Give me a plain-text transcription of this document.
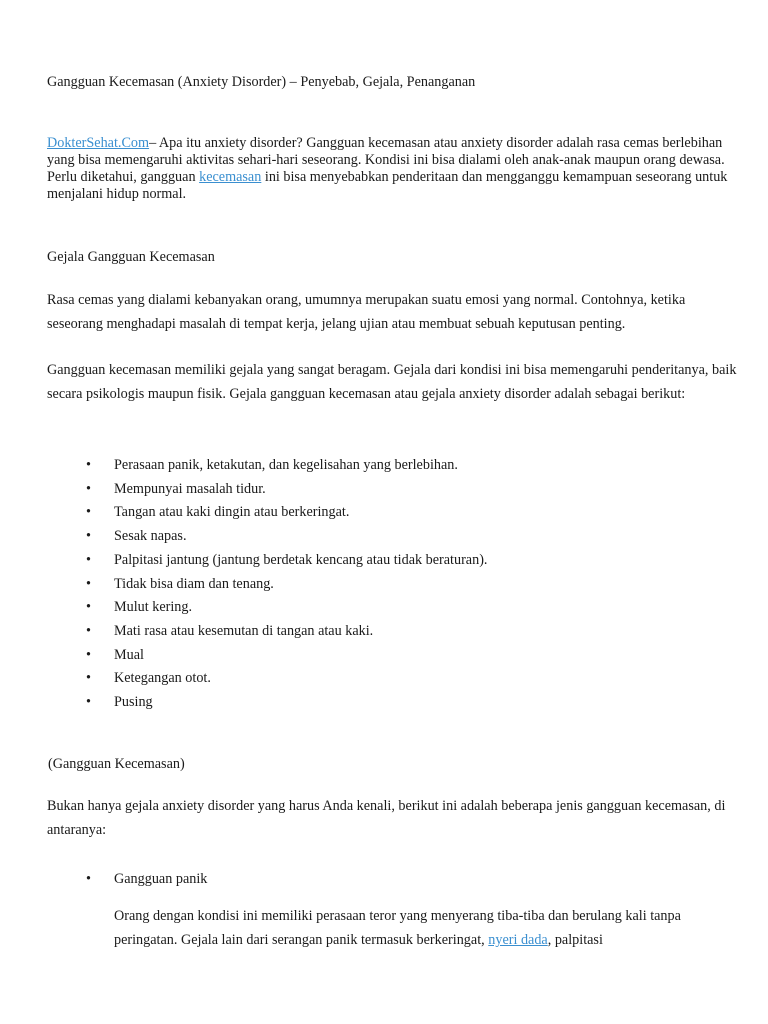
Gangguan Kecemasan (Anxiety Disorder) – Penyebab, Gejala, Penanganan

DokterSehat.Com– Apa itu anxiety disorder? Gangguan kecemasan atau anxiety disorder adalah rasa cemas berlebihan yang bisa memengaruhi aktivitas sehari-hari seseorang. Kondisi ini bisa dialami oleh anak-anak maupun orang dewasa. Perlu diketahui, gangguan kecemasan ini bisa menyebabkan penderitaan dan mengganggu kemampuan seseorang untuk menjalani hidup normal.

Gejala Gangguan Kecemasan

Rasa cemas yang dialami kebanyakan orang, umumnya merupakan suatu emosi yang normal. Contohnya, ketika seseorang menghadapi masalah di tempat kerja, jelang ujian atau membuat sebuah keputusan penting.

Gangguan kecemasan memiliki gejala yang sangat beragam. Gejala dari kondisi ini bisa memengaruhi penderitanya, baik secara psikologis maupun fisik. Gejala gangguan kecemasan atau gejala anxiety disorder adalah sebagai berikut:

• Perasaan panik, ketakutan, dan kegelisahan yang berlebihan.
• Mempunyai masalah tidur.
• Tangan atau kaki dingin atau berkeringat.
• Sesak napas.
• Palpitasi jantung (jantung berdetak kencang atau tidak beraturan).
• Tidak bisa diam dan tenang.
• Mulut kering.
• Mati rasa atau kesemutan di tangan atau kaki.
• Mual
• Ketegangan otot.
• Pusing

(Gangguan Kecemasan)

Bukan hanya gejala anxiety disorder yang harus Anda kenali, berikut ini adalah beberapa jenis gangguan kecemasan, di antaranya:

• Gangguan panik

Orang dengan kondisi ini memiliki perasaan teror yang menyerang tiba-tiba dan berulang kali tanpa peringatan. Gejala lain dari serangan panik termasuk berkeringat, nyeri dada, palpitasi
